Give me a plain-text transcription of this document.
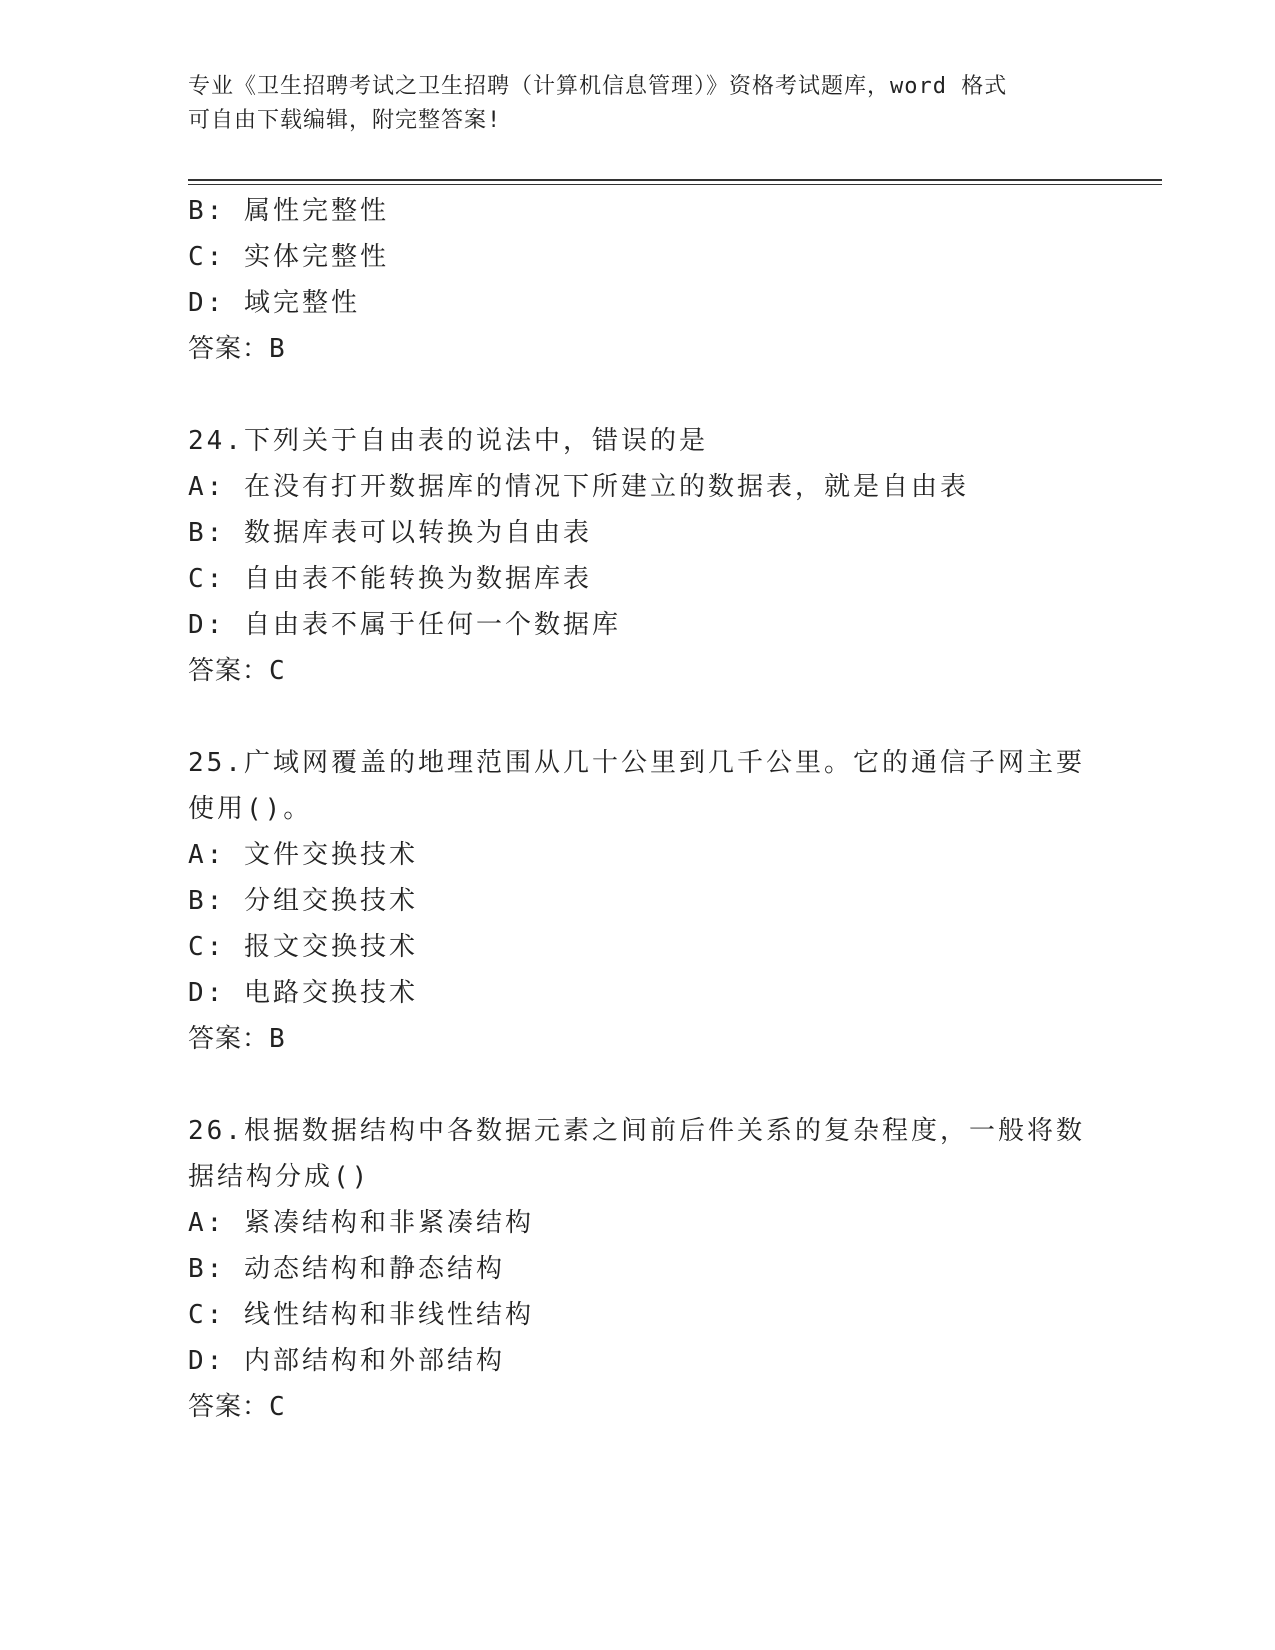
专业《卫生招聘考试之卫生招聘（计算机信息管理）》资格考试题库，word 格式
可自由下载编辑，附完整答案!
B: 属性完整性
C: 实体完整性
D: 域完整性
答案：B
24.下列关于自由表的说法中，错误的是
A: 在没有打开数据库的情况下所建立的数据表，就是自由表
B: 数据库表可以转换为自由表
C: 自由表不能转换为数据库表
D: 自由表不属于任何一个数据库
答案：C
25.广域网覆盖的地理范围从几十公里到几千公里。它的通信子网主要使用()。
A: 文件交换技术
B: 分组交换技术
C: 报文交换技术
D: 电路交换技术
答案：B
26.根据数据结构中各数据元素之间前后件关系的复杂程度，一般将数据结构分成()
A: 紧凑结构和非紧凑结构
B: 动态结构和静态结构
C: 线性结构和非线性结构
D: 内部结构和外部结构
答案：C
